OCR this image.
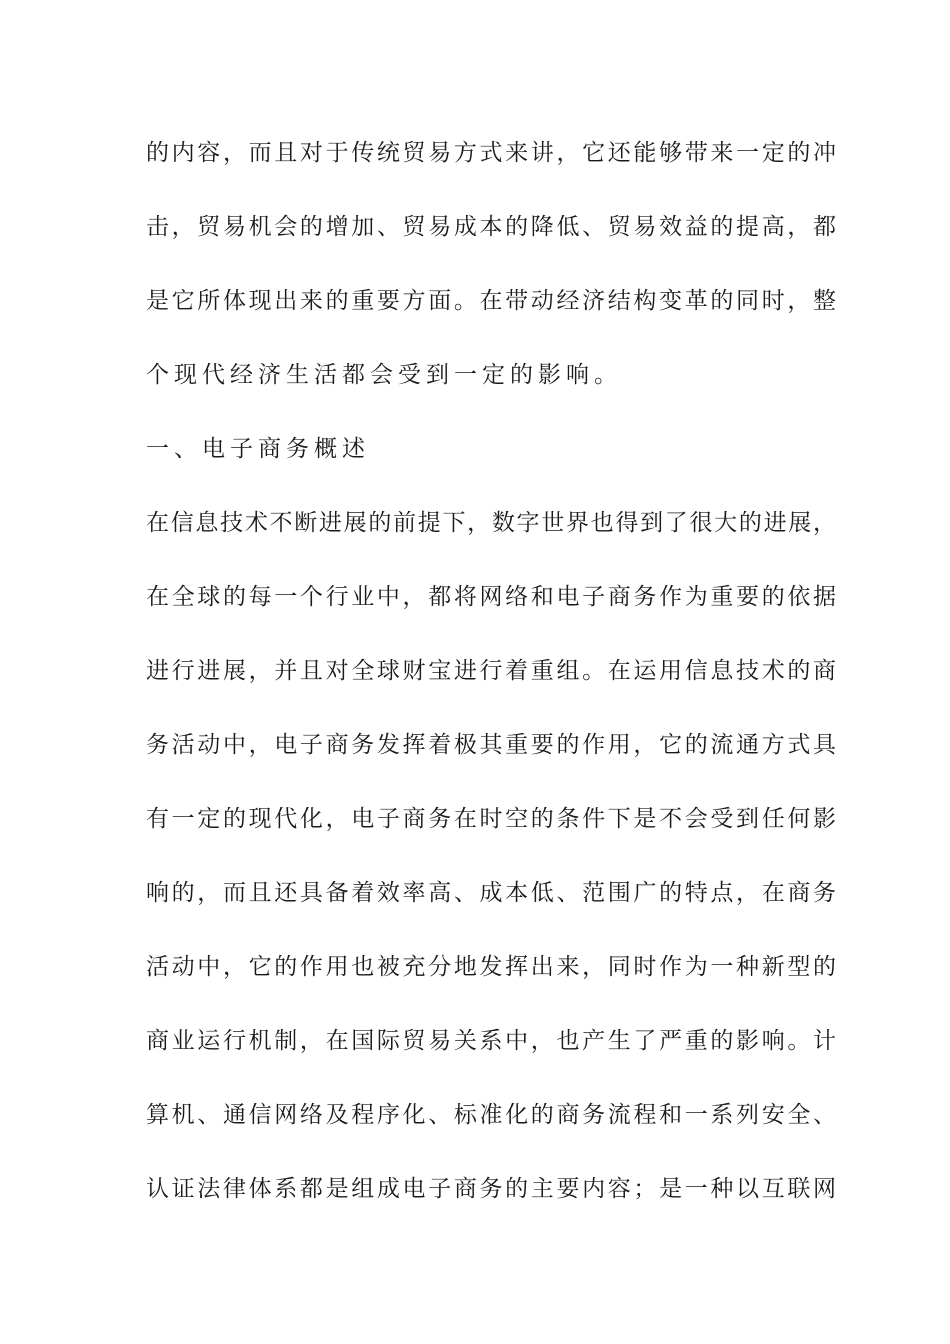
的内容，而且对于传统贸易方式来讲，它还能够带来一定的冲
击，贸易机会的增加、贸易成本的降低、贸易效益的提高，都
是它所体现出来的重要方面。在带动经济结构变革的同时，整
个现代经济生活都会受到一定的影响。
一、电子商务概述
在信息技术不断进展的前提下，数字世界也得到了很大的进展，
在全球的每一个行业中，都将网络和电子商务作为重要的依据
进行进展，并且对全球财宝进行着重组。在运用信息技术的商
务活动中，电子商务发挥着极其重要的作用，它的流通方式具
有一定的现代化，电子商务在时空的条件下是不会受到任何影
响的，而且还具备着效率高、成本低、范围广的特点，在商务
活动中，它的作用也被充分地发挥出来，同时作为一种新型的
商业运行机制，在国际贸易关系中，也产生了严重的影响。计
算机、通信网络及程序化、标准化的商务流程和一系列安全、
认证法律体系都是组成电子商务的主要内容；是一种以互联网
